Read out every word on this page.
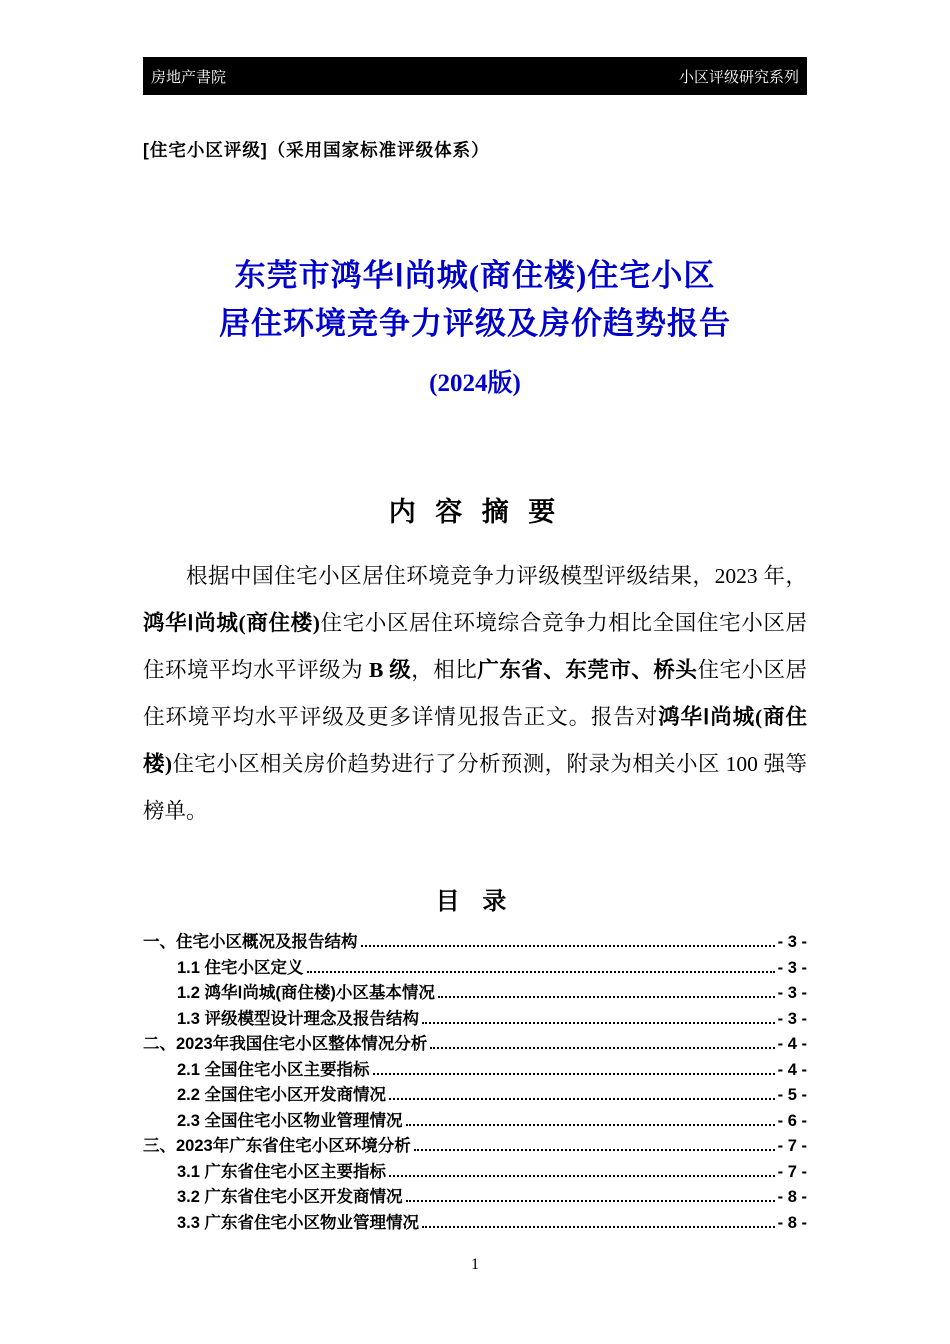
房地产書院	小区评级研究系列
[住宅小区评级]（采用国家标准评级体系）
东莞市鸿华Ⅰ尚城(商住楼)住宅小区
居住环境竞争力评级及房价趋势报告
(2024版)
内 容 摘 要
根据中国住宅小区居住环境竞争力评级模型评级结果，2023 年，鸿华Ⅰ尚城(商住楼)住宅小区居住环境综合竞争力相比全国住宅小区居住环境平均水平评级为 B 级，相比广东省、东莞市、桥头住宅小区居住环境平均水平评级及更多详情见报告正文。报告对鸿华Ⅰ尚城(商住楼)住宅小区相关房价趋势进行了分析预测，附录为相关小区 100 强等榜单。
目 录
一、住宅小区概况及报告结构	- 3 -
1.1 住宅小区定义	- 3 -
1.2 鸿华Ⅰ尚城(商住楼)小区基本情况	- 3 -
1.3 评级模型设计理念及报告结构	- 3 -
二、2023年我国住宅小区整体情况分析	- 4 -
2.1 全国住宅小区主要指标	- 4 -
2.2 全国住宅小区开发商情况	- 5 -
2.3 全国住宅小区物业管理情况	- 6 -
三、2023年广东省住宅小区环境分析	- 7 -
3.1 广东省住宅小区主要指标	- 7 -
3.2 广东省住宅小区开发商情况	- 8 -
3.3 广东省住宅小区物业管理情况	- 8 -
1
